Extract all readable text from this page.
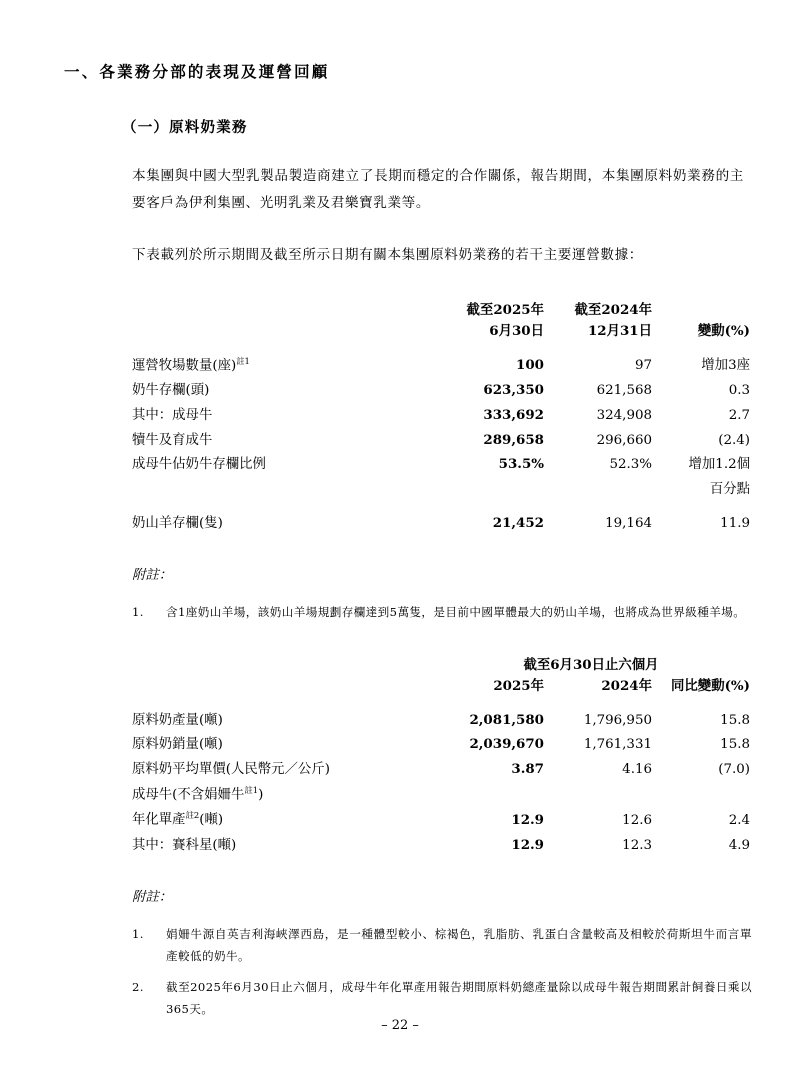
一、各業務分部的表現及運營回顧
（一）原料奶業務
本集團與中國大型乳製品製造商建立了長期而穩定的合作關係，報告期間，本集團原料奶業務的主要客戶為伊利集團、光明乳業及君樂寶乳業等。
下表載列於所示期間及截至所示日期有關本集團原料奶業務的若干主要運營數據：
	截至2025年	截至2024年	
	6月30日	12月31日	變動(%)
運營牧場數量(座)$^{註1}$	100	97	增加3座
奶牛存欄(頭)	623,350	621,568	0.3
其中：成母牛	333,692	324,908	2.7
犢牛及育成牛	289,658	296,660	(2.4)
成母牛佔奶牛存欄比例	53.5%	52.3%	增加1.2個
			百分點
奶山羊存欄(隻)	21,452	19,164	11.9
附註：
1.	含1座奶山羊場，該奶山羊場規劃存欄達到5萬隻，是目前中國單體最大的奶山羊場，也將成為世界級種羊場。
	截至6月30日止六個月		
	2025年	2024年	同比變動(%)
原料奶產量(噸)	2,081,580	1,796,950	15.8
原料奶銷量(噸)	2,039,670	1,761,331	15.8
原料奶平均單價(人民幣元／公斤)	3.87	4.16	(7.0)
成母牛(不含娟姍牛$^{註1}$)			
年化單產$^{註2}$(噸)	12.9	12.6	2.4
其中：賽科星(噸)	12.9	12.3	4.9
附註：
1.	娟姍牛源自英吉利海峽澤西島，是一種體型較小、棕褐色，乳脂肪、乳蛋白含量較高及相較於荷斯坦牛而言單產較低的奶牛。
2.	截至2025年6月30日止六個月，成母牛年化單產用報告期間原料奶總產量除以成母牛報告期間累計飼養日乘以365天。
– 22 –
